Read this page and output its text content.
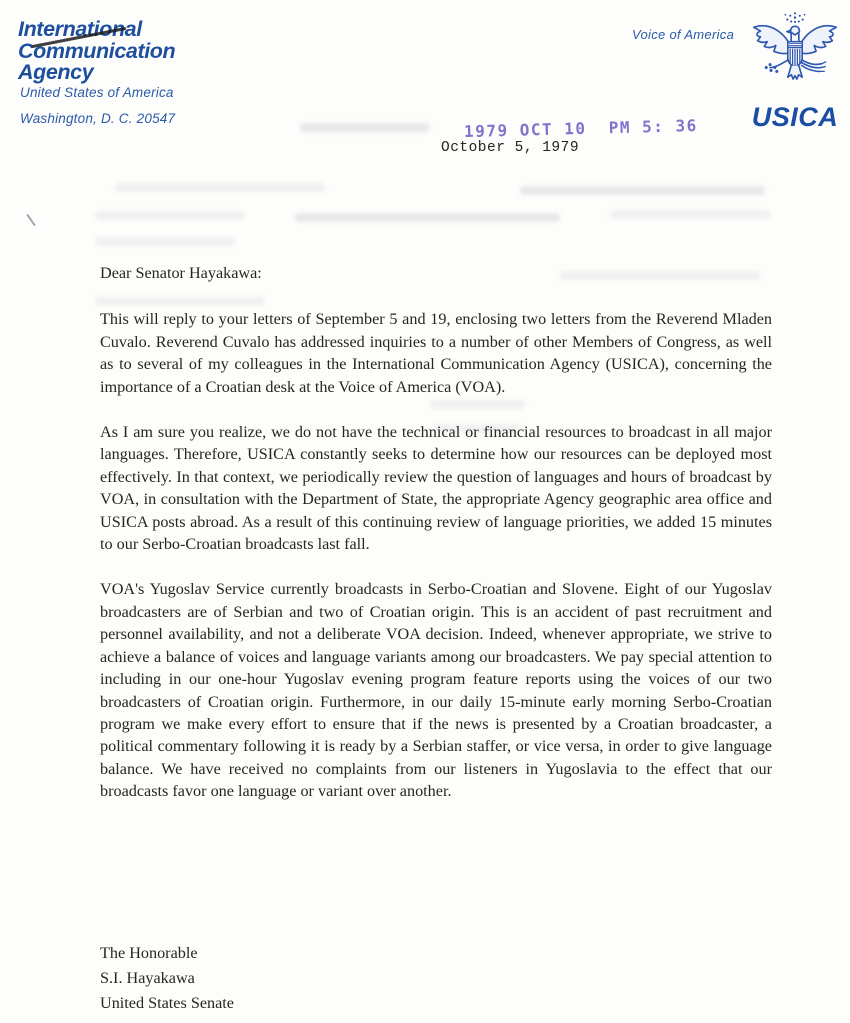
International
Communication
Agency
United States of America
Washington, D. C. 20547
Voice of America
USICA
1979 OCT 10  PM 5: 36
October 5, 1979

Dear Senator Hayakawa:

This will reply to your letters of September 5 and 19, enclosing two letters from the Reverend Mladen Cuvalo. Reverend Cuvalo has addressed inquiries to a number of other Members of Congress, as well as to several of my colleagues in the International Communication Agency (USICA), concerning the importance of a Croatian desk at the Voice of America (VOA).

As I am sure you realize, we do not have the technical or financial resources to broadcast in all major languages. Therefore, USICA constantly seeks to determine how our resources can be deployed most effectively. In that context, we periodically review the question of languages and hours of broadcast by VOA, in consultation with the Department of State, the appropriate Agency geographic area office and USICA posts abroad. As a result of this continuing review of language priorities, we added 15 minutes to our Serbo-Croatian broadcasts last fall.

VOA's Yugoslav Service currently broadcasts in Serbo-Croatian and Slovene. Eight of our Yugoslav broadcasters are of Serbian and two of Croatian origin. This is an accident of past recruitment and personnel availability, and not a deliberate VOA decision. Indeed, whenever appropriate, we strive to achieve a balance of voices and language variants among our broadcasters. We pay special attention to including in our one-hour Yugoslav evening program feature reports using the voices of our two broadcasters of Croatian origin. Furthermore, in our daily 15-minute early morning Serbo-Croatian program we make every effort to ensure that if the news is presented by a Croatian broadcaster, a political commentary following it is ready by a Serbian staffer, or vice versa, in order to give language balance. We have received no complaints from our listeners in Yugoslavia to the effect that our broadcasts favor one language or variant over another.

The Honorable
S.I. Hayakawa
United States Senate
